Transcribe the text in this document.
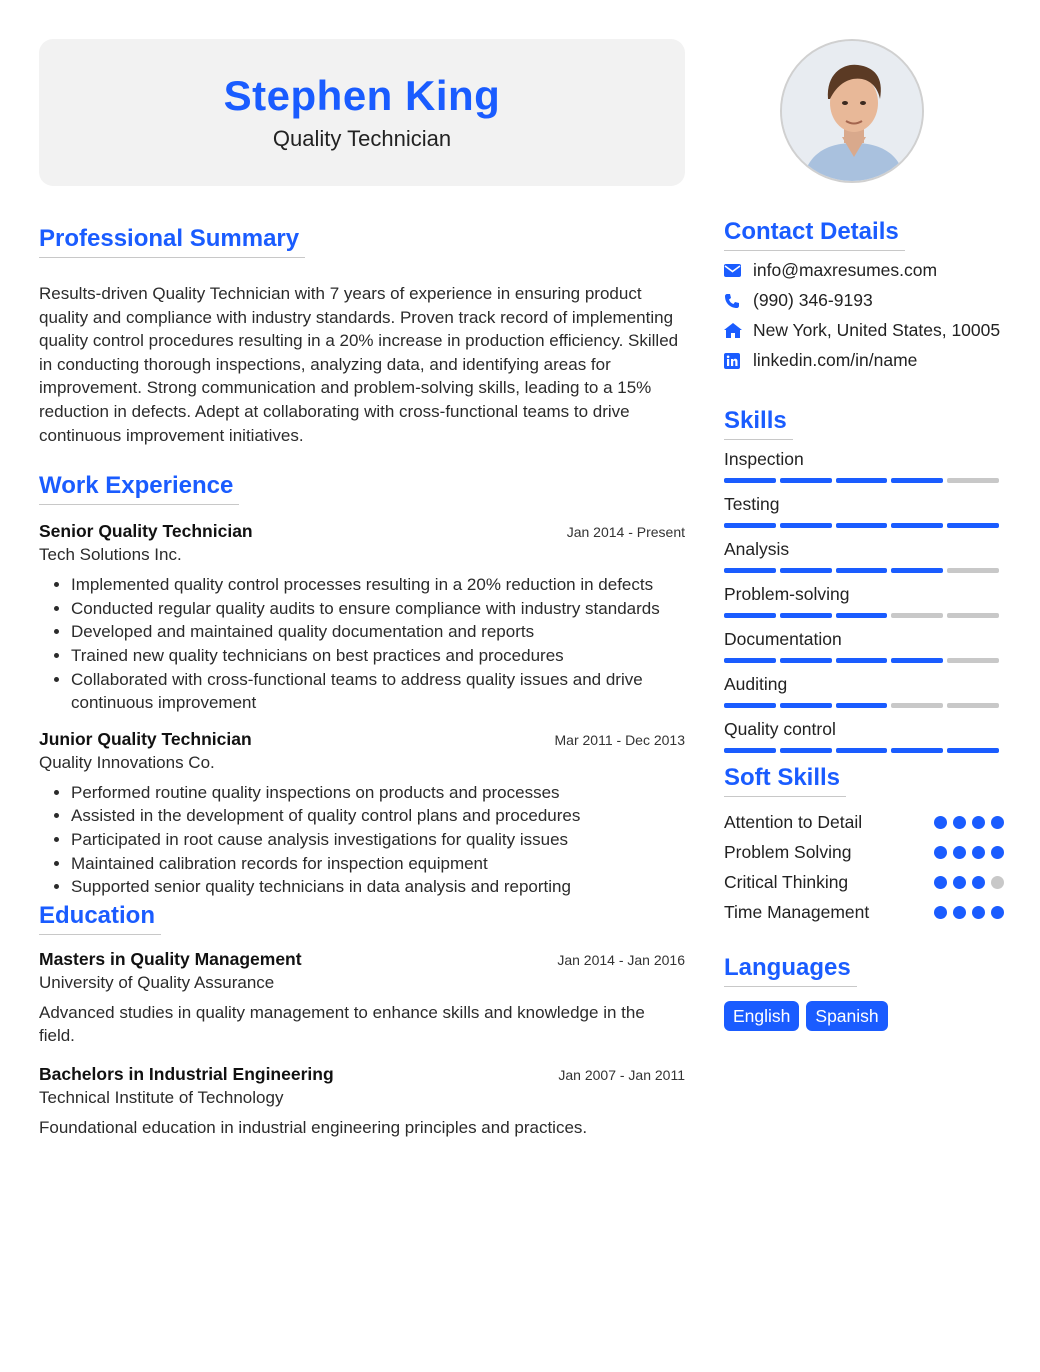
Stephen King
Quality Technician
Professional Summary
Results-driven Quality Technician with 7 years of experience in ensuring product quality and compliance with industry standards. Proven track record of implementing quality control procedures resulting in a 20% increase in production efficiency. Skilled in conducting thorough inspections, analyzing data, and identifying areas for improvement. Strong communication and problem-solving skills, leading to a 15% reduction in defects. Adept at collaborating with cross-functional teams to drive continuous improvement initiatives.
Work Experience
Senior Quality Technician	Jan 2014 - Present
Tech Solutions Inc.
• Implemented quality control processes resulting in a 20% reduction in defects
• Conducted regular quality audits to ensure compliance with industry standards
• Developed and maintained quality documentation and reports
• Trained new quality technicians on best practices and procedures
• Collaborated with cross-functional teams to address quality issues and drive continuous improvement
Junior Quality Technician	Mar 2011 - Dec 2013
Quality Innovations Co.
• Performed routine quality inspections on products and processes
• Assisted in the development of quality control plans and procedures
• Participated in root cause analysis investigations for quality issues
• Maintained calibration records for inspection equipment
• Supported senior quality technicians in data analysis and reporting
Education
Masters in Quality Management	Jan 2014 - Jan 2016
University of Quality Assurance
Advanced studies in quality management to enhance skills and knowledge in the field.
Bachelors in Industrial Engineering	Jan 2007 - Jan 2011
Technical Institute of Technology
Foundational education in industrial engineering principles and practices.
Contact Details
info@maxresumes.com
(990) 346-9193
New York, United States, 10005
linkedin.com/in/name
Skills
Inspection
Testing
Analysis
Problem-solving
Documentation
Auditing
Quality control
Soft Skills
Attention to Detail
Problem Solving
Critical Thinking
Time Management
Languages
English	Spanish
